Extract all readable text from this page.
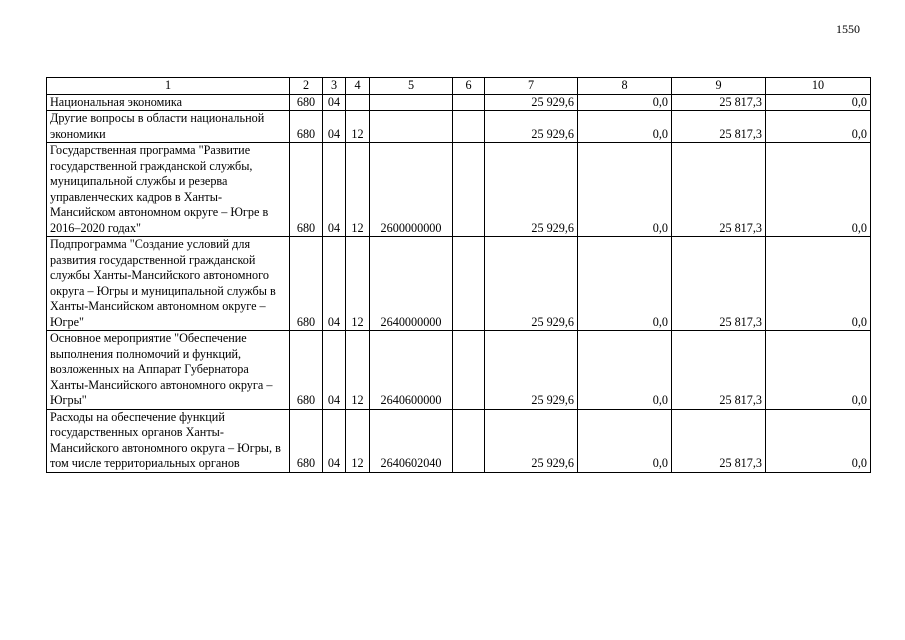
1550
1	2	3	4	5	6	7	8	9	10
Национальная экономика	680	04				25 929,6	0,0	25 817,3	0,0
Другие вопросы в области национальной экономики	680	04	12			25 929,6	0,0	25 817,3	0,0
Государственная программа "Развитие государственной гражданской службы, муниципальной службы и резерва управленческих кадров в Ханты-Мансийском автономном округе – Югре в 2016–2020 годах"	680	04	12	2600000000		25 929,6	0,0	25 817,3	0,0
Подпрограмма "Создание условий для развития государственной гражданской службы Ханты-Мансийского автономного округа – Югры и муниципальной службы в Ханты-Мансийском автономном округе – Югре"	680	04	12	2640000000		25 929,6	0,0	25 817,3	0,0
Основное мероприятие "Обеспечение выполнения полномочий и функций, возложенных на Аппарат Губернатора Ханты-Мансийского автономного округа – Югры"	680	04	12	2640600000		25 929,6	0,0	25 817,3	0,0
Расходы на обеспечение функций государственных органов Ханты-Мансийского автономного округа – Югры, в том числе территориальных органов	680	04	12	2640602040		25 929,6	0,0	25 817,3	0,0
